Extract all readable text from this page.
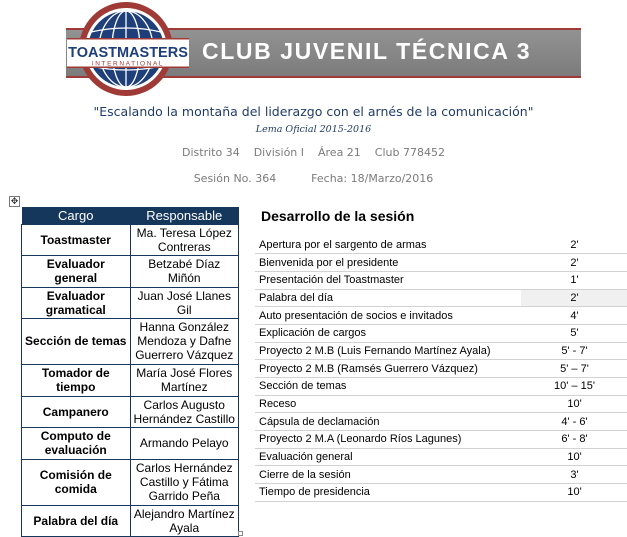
CLUB JUVENIL TÉCNICA 3
TOASTMASTERS
INTERNATIONAL
"Escalando la montaña del liderazgo con el arnés de la comunicación"
Lema Oficial 2015-2016
Distrito 34    División I    Área 21    Club 778452
Sesión No. 364          Fecha: 18/Marzo/2016
✥
Cargo	Responsable
Toastmaster	Ma. Teresa López Contreras
Evaluador general	Betzabé Díaz Miñón
Evaluador gramatical	Juan José Llanes Gil
Sección de temas	Hanna González Mendoza y Dafne Guerrero Vázquez
Tomador de tiempo	María José Flores Martínez
Campanero	Carlos Augusto Hernández Castillo
Computo de evaluación	Armando Pelayo
Comisión de comida	Carlos Hernández Castillo y Fátima Garrido Peña
Palabra del día	Alejandro Martínez Ayala
Desarrollo de la sesión
Apertura por el sargento de armas	2'
Bienvenida por el presidente	2'
Presentación del Toastmaster	1'
Palabra del día	2'
Auto presentación de socios e invitados	4'
Explicación de cargos	5'
Proyecto 2 M.B (Luis Fernando Martínez Ayala)	5' - 7'
Proyecto 2 M.B (Ramsés Guerrero Vázquez)	5' – 7'
Sección de temas	10' – 15'
Receso	10'
Cápsula de declamación	4' - 6'
Proyecto 2 M.A (Leonardo Ríos Lagunes)	6' - 8'
Evaluación general	10'
Cierre de la sesión	3'
Tiempo de presidencia	10'
